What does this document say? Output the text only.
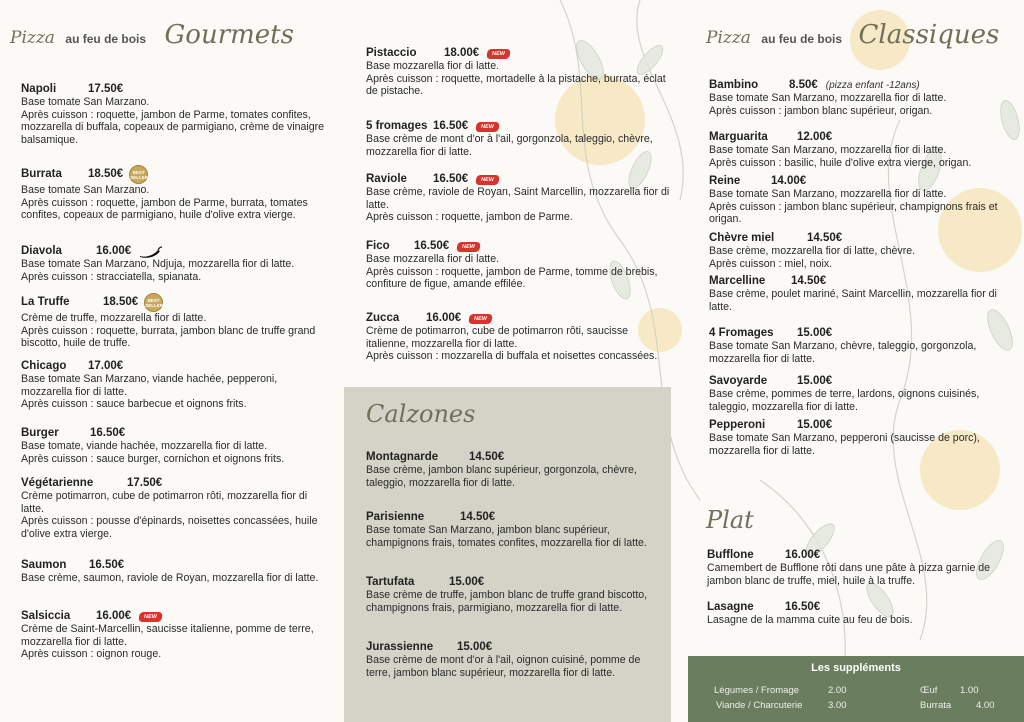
Pizza au feu de bois Gourmets	Pizza au feu de bois Classiques
Calzones
Plat
Napoli	17.50€
Base tomate San Marzano.
Après cuisson : roquette, jambon de Parme, tomates confites, mozzarella di buffala, copeaux de parmigiano, crème de vinaigre balsamique.
Burrata	18.50€	BEST SELLER
Base tomate San Marzano.
Après cuisson : roquette, jambon de Parme, burrata, tomates confites, copeaux de parmigiano, huile d'olive extra vierge.
Diavola	16.00€
Base tomate San Marzano, Ndjuja, mozzarella fior di latte.
Après cuisson : stracciatella, spianata.
La Truffe	18.50€	BEST SELLER
Crème de truffe, mozzarella fior di latte.
Après cuisson : roquette, burrata, jambon blanc de truffe grand biscotto, huile de truffe.
Chicago	17.00€
Base tomate San Marzano, viande hachée, pepperoni, mozzarella fior di latte.
Après cuisson : sauce barbecue et oignons frits.
Burger	16.50€
Base tomate, viande hachée, mozzarella fior di latte.
Après cuisson : sauce burger, cornichon et oignons frits.
Végétarienne	17.50€
Crème potimarron, cube de potimarron rôti, mozzarella fior di latte.
Après cuisson : pousse d'épinards, noisettes concassées, huile d'olive extra vierge.
Saumon	16.50€
Base crème, saumon, raviole de Royan, mozzarella fior di latte.
Salsiccia	16.00€	NEW
Crème de Saint-Marcellin, saucisse italienne, pomme de terre, mozzarella fior di latte.
Après cuisson : oignon rouge.
Pistaccio	18.00€	NEW
Base mozzarella fior di latte.
Après cuisson : roquette, mortadelle à la pistache, burrata, éclat de pistache.
5 fromages 16.50€	NEW
Base crème de mont d'or à l'ail, gorgonzola, taleggio, chèvre, mozzarella fior di latte.
Raviole	16.50€	NEW
Base crème, raviole de Royan, Saint Marcellin, mozzarella fior di latte.
Après cuisson : roquette, jambon de Parme.
Fico	16.50€	NEW
Base mozzarella fior di latte.
Après cuisson : roquette, jambon de Parme, tomme de brebis, confiture de figue, amande effilée.
Zucca	16.00€	NEW
Crème de potimarron, cube de potimarron rôti, saucisse italienne, mozzarella fior di latte.
Après cuisson : mozzarella di buffala et noisettes concassées.
Montagnarde	14.50€
Base crème, jambon blanc supérieur, gorgonzola, chèvre, taleggio, mozzarella fior di latte.
Parisienne	14.50€
Base tomate San Marzano, jambon blanc supérieur, champignons frais, tomates confites, mozzarella fior di latte.
Tartufata	15.00€
Base crème de truffe, jambon blanc de truffe grand biscotto, champignons frais, parmigiano, mozzarella fior di latte.
Jurassienne	15.00€
Base crème de mont d'or à l'ail, oignon cuisiné, pomme de terre, jambon blanc supérieur, mozzarella fior di latte.
Bambino	8.50€ (pizza enfant -12ans)
Base tomate San Marzano, mozzarella fior di latte.
Après cuisson : jambon blanc supérieur, origan.
Marguarita	12.00€
Base tomate San Marzano, mozzarella fior di latte.
Après cuisson : basilic, huile d'olive extra vierge, origan.
Reine	14.00€
Base tomate San Marzano, mozzarella fior di latte.
Après cuisson : jambon blanc supérieur, champignons frais et origan.
Chèvre miel	14.50€
Base crème, mozzarella fior di latte, chèvre.
Après cuisson : miel, noix.
Marcelline	14.50€
Base crème, poulet mariné, Saint Marcellin, mozzarella fior di latte.
4 Fromages	15.00€
Base tomate San Marzano, chèvre, taleggio, gorgonzola, mozzarella fior di latte.
Savoyarde	15.00€
Base crème, pommes de terre, lardons, oignons cuisinés, taleggio, mozzarella fior di latte.
Pepperoni	15.00€
Base tomate San Marzano, pepperoni (saucisse de porc), mozzarella fior di latte.
Bufflone	16.00€
Camembert de Bufflone rôti dans une pâte à pizza garnie de jambon blanc de truffe, miel, huile à la truffe.
Lasagne	16.50€
Lasagne de la mamma cuite au feu de bois.
Les suppléments
Légumes / Fromage	2.00
Viande / Charcuterie	3.00
Œuf 1.00
Burrata	4.00
